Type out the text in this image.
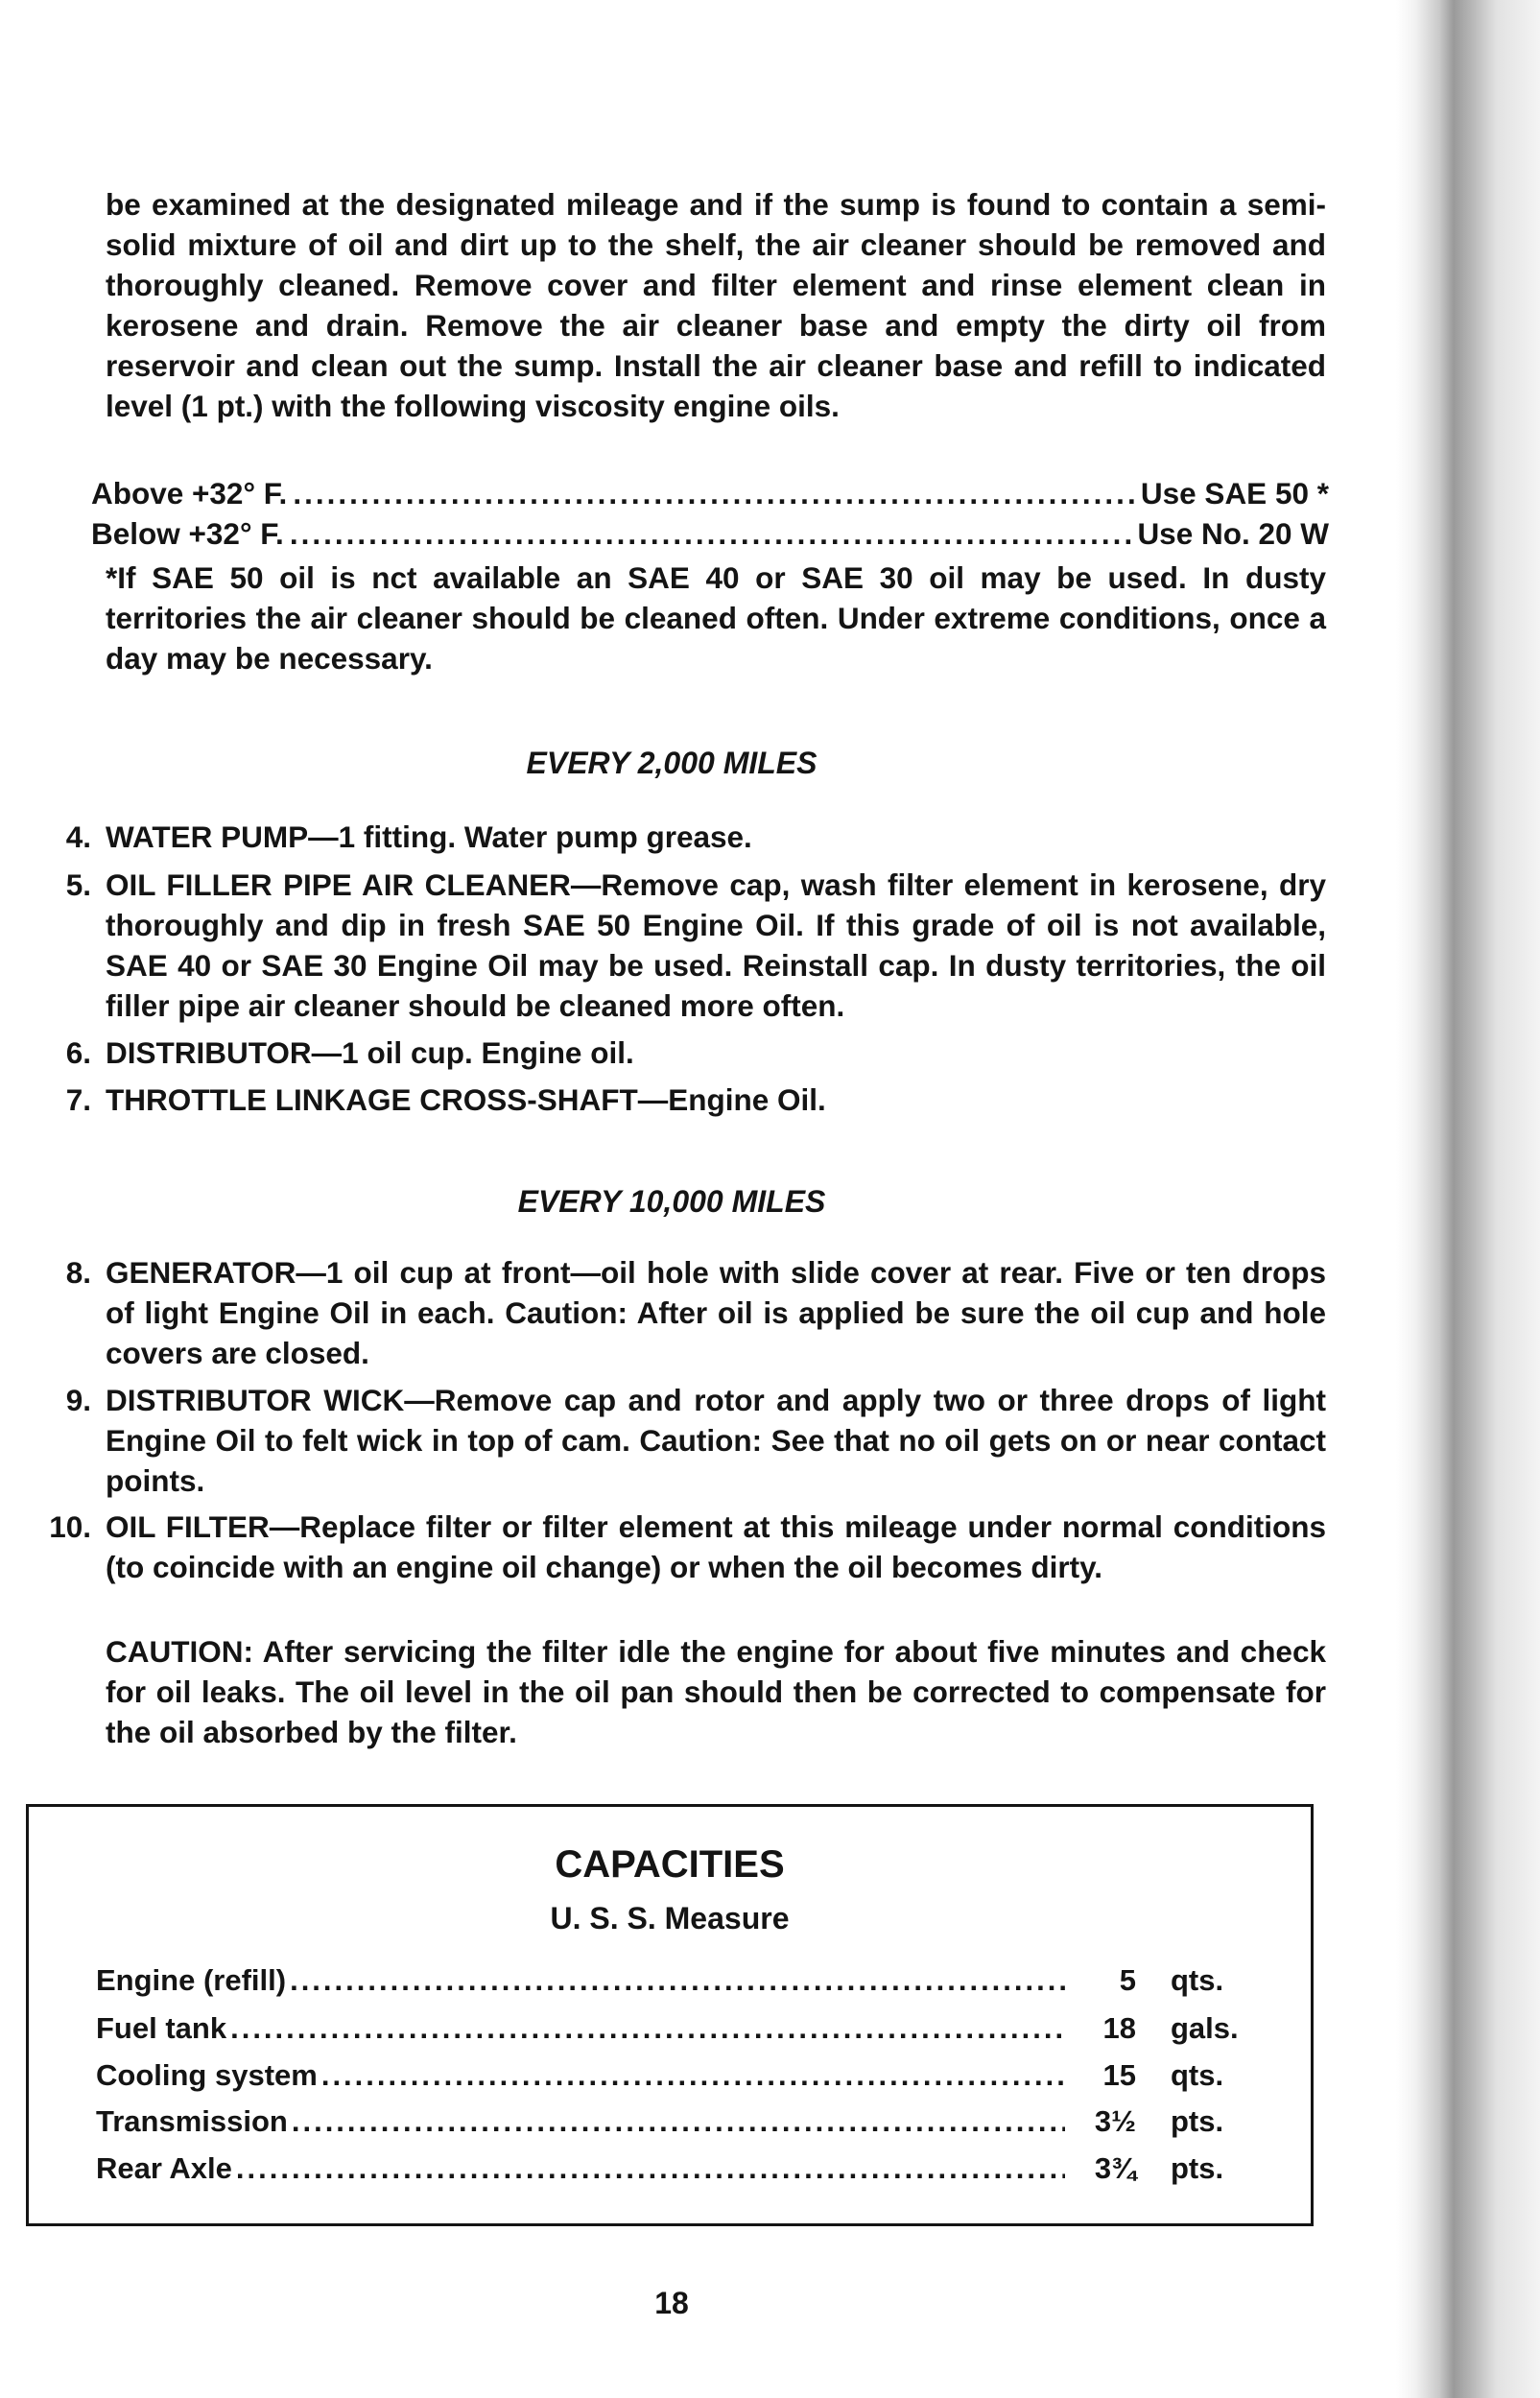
be examined at the designated mileage and if the sump is found to contain a semi-solid mixture of oil and dirt up to the shelf, the air cleaner should be removed and thoroughly cleaned. Remove cover and filter element and rinse element clean in kerosene and drain. Remove the air cleaner base and empty the dirty oil from reservoir and clean out the sump. Install the air cleaner base and refill to indicated level (1 pt.) with the following viscosity engine oils.
Above +32° F. .....	Use SAE 50 *
Below +32° F. .....	Use No. 20 W
*If SAE 50 oil is nct available an SAE 40 or SAE 30 oil may be used. In dusty territories the air cleaner should be cleaned often. Under extreme conditions, once a day may be necessary.
EVERY 2,000 MILES
4. WATER PUMP—1 fitting. Water pump grease.
5. OIL FILLER PIPE AIR CLEANER—Remove cap, wash filter element in kerosene, dry thoroughly and dip in fresh SAE 50 Engine Oil. If this grade of oil is not available, SAE 40 or SAE 30 Engine Oil may be used. Reinstall cap. In dusty territories, the oil filler pipe air cleaner should be cleaned more often.
6. DISTRIBUTOR—1 oil cup. Engine oil.
7. THROTTLE LINKAGE CROSS-SHAFT—Engine Oil.
EVERY 10,000 MILES
8. GENERATOR—1 oil cup at front—oil hole with slide cover at rear. Five or ten drops of light Engine Oil in each. Caution: After oil is applied be sure the oil cup and hole covers are closed.
9. DISTRIBUTOR WICK—Remove cap and rotor and apply two or three drops of light Engine Oil to felt wick in top of cam. Caution: See that no oil gets on or near contact points.
10. OIL FILTER—Replace filter or filter element at this mileage under normal conditions (to coincide with an engine oil change) or when the oil becomes dirty.
CAUTION: After servicing the filter idle the engine for about five minutes and check for oil leaks. The oil level in the oil pan should then be corrected to compensate for the oil absorbed by the filter.
CAPACITIES
U. S. S. Measure
Engine (refill) .....	5	qts.
Fuel tank .....	18	gals.
Cooling system .....	15	qts.
Transmission .....	3½	pts.
Rear Axle .....	3¾	pts.
18
